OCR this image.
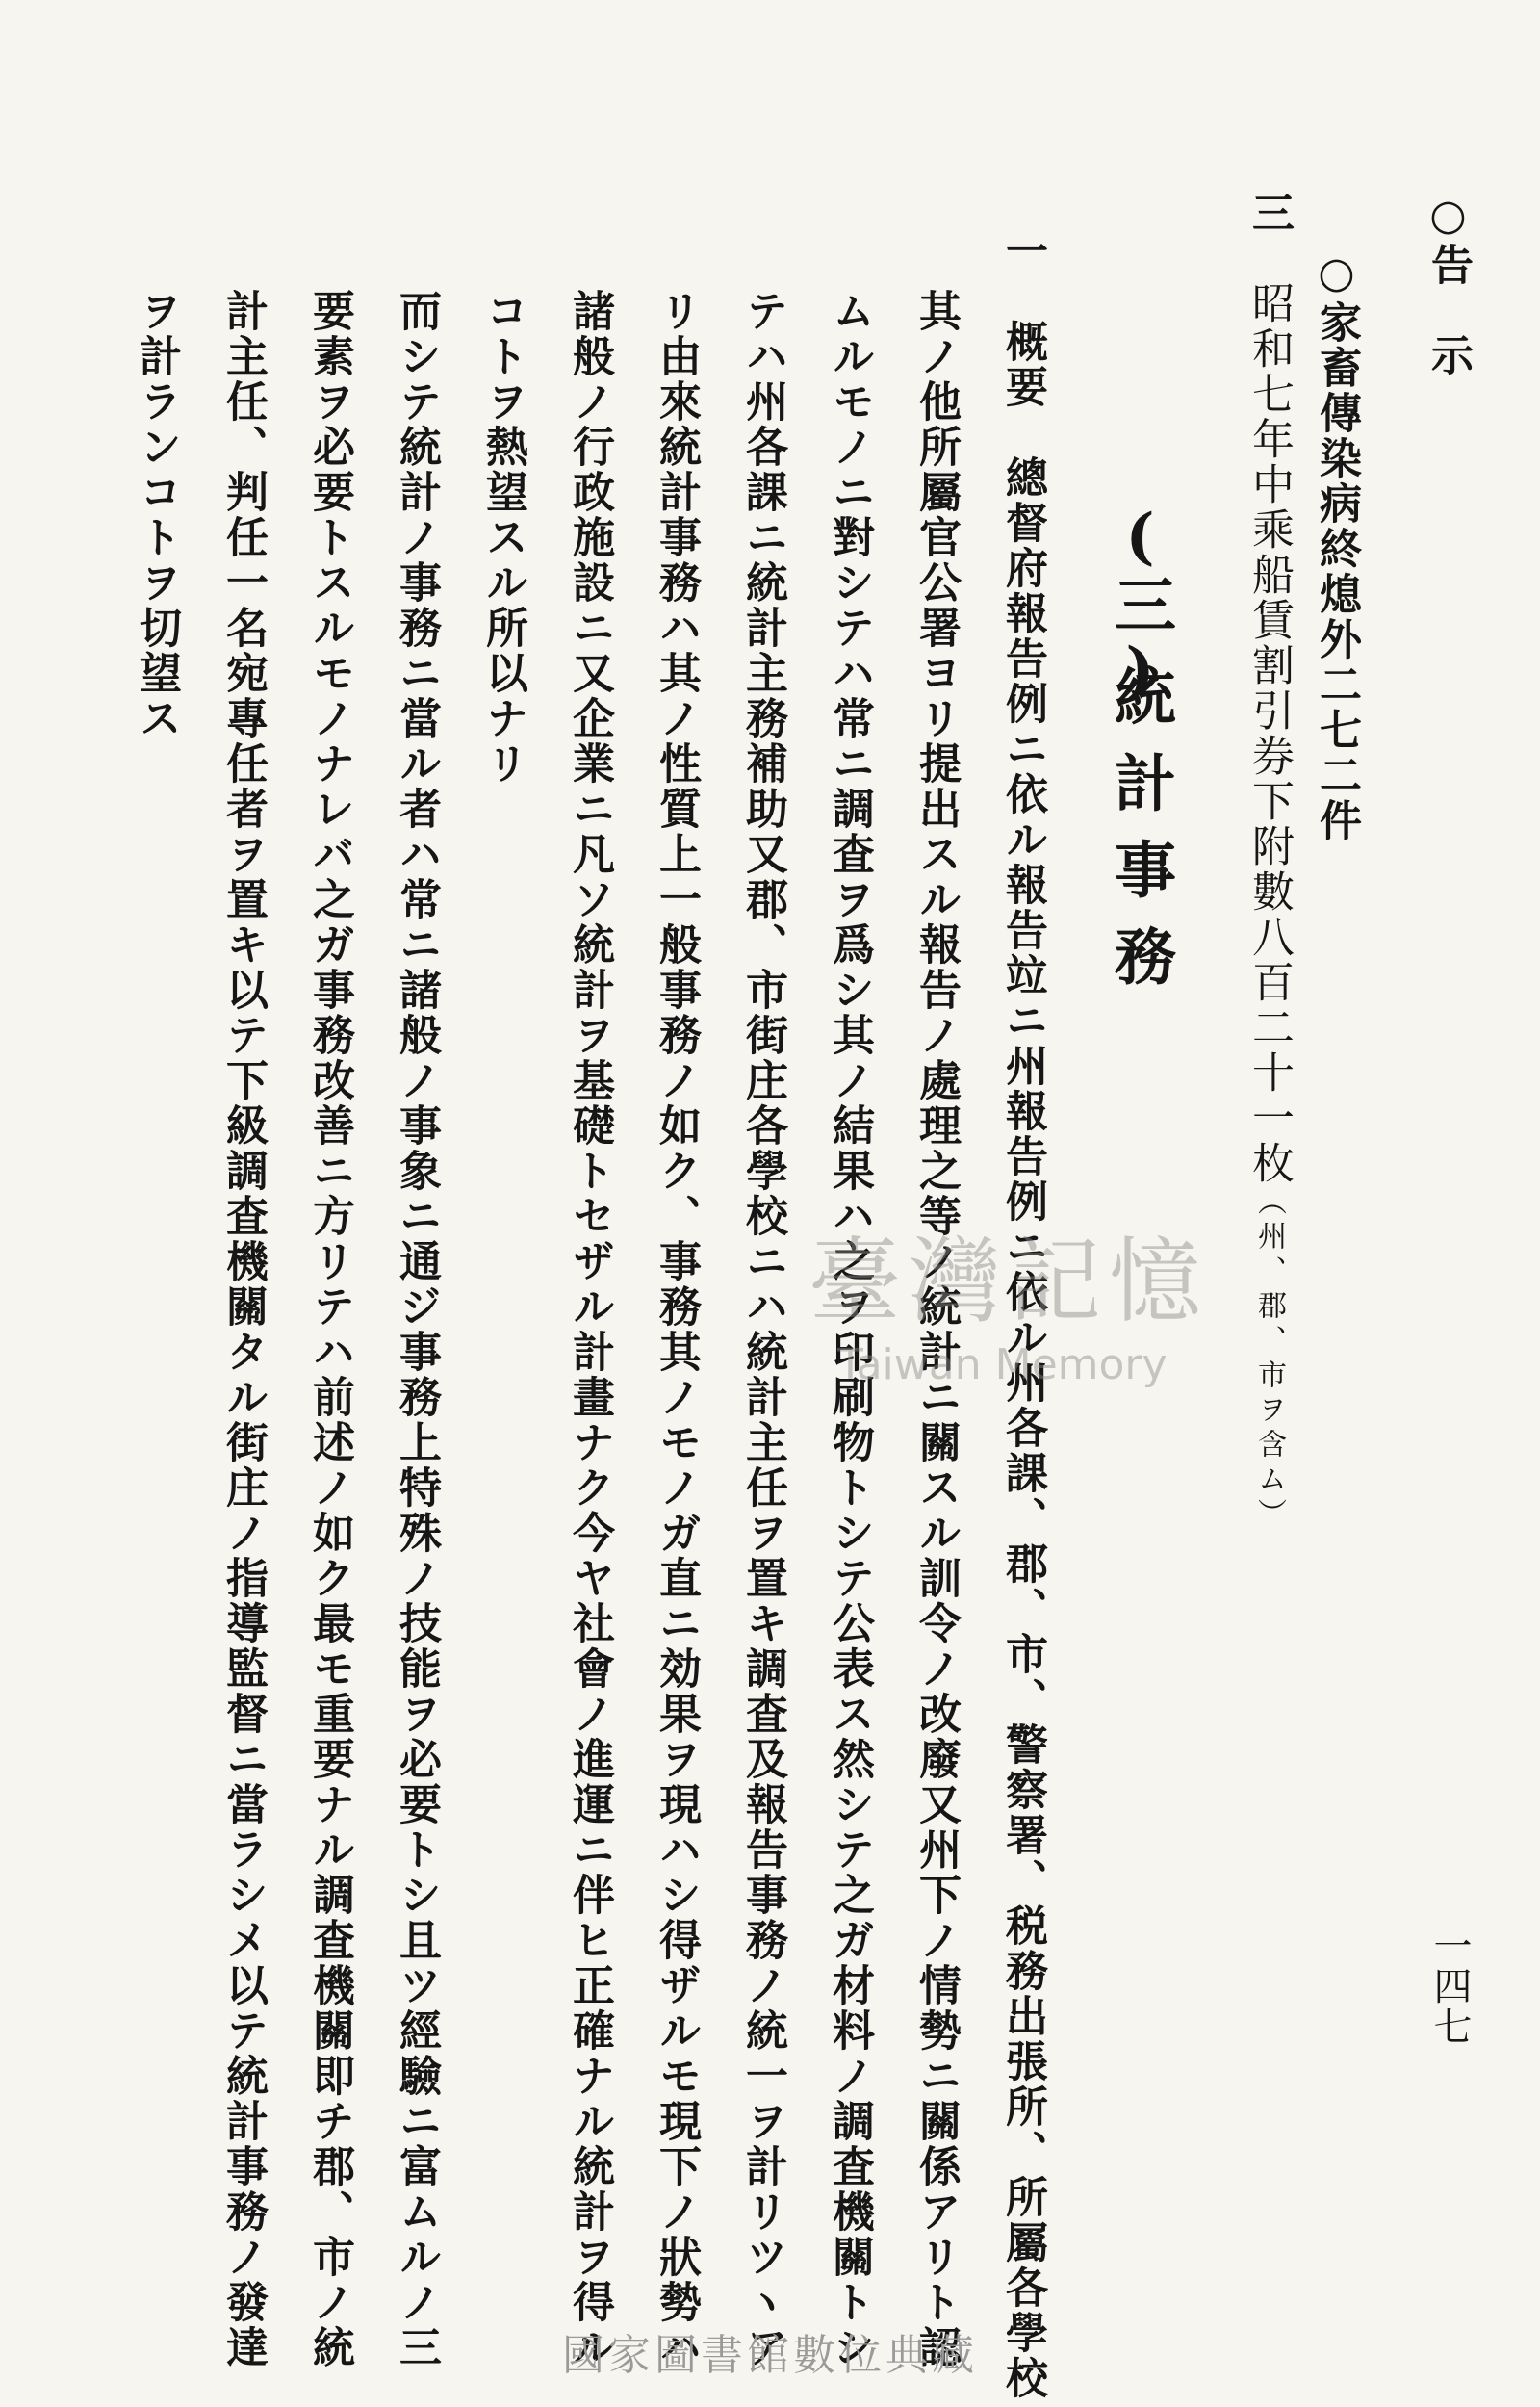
○告　示
三　昭和七年中乘船賃割引券下附數八百二十一枚（州、郡、市ヲ含ム）
○家畜傳染病終熄外二七二件
(三)
統計事務
一　概要　總督府報告例ニ依ル報告竝ニ州報告例ニ依ル州各課、郡、市、警察署、税務出張所、所屬各學校
其ノ他所屬官公署ヨリ提出スル報告ノ處理之等ノ統計ニ關スル訓令ノ改廢又州下ノ情勢ニ關係アリト認
ムルモノニ對シテハ常ニ調査ヲ爲シ其ノ結果ハ之ヲ印刷物トシテ公表ス然シテ之ガ材料ノ調査機關トシ
テハ州各課ニ統計主務補助又郡、市街庄各學校ニハ統計主任ヲ置キ調査及報告事務ノ統一ヲ計リツヽア
リ由來統計事務ハ其ノ性質上一般事務ノ如ク、事務其ノモノガ直ニ効果ヲ現ハシ得ザルモ現下ノ狀勢ハ
諸般ノ行政施設ニ又企業ニ凡ソ統計ヲ基礎トセザル計畫ナク今ヤ社會ノ進運ニ伴ヒ正確ナル統計ヲ得ル
コトヲ熱望スル所以ナリ
而シテ統計ノ事務ニ當ル者ハ常ニ諸般ノ事象ニ通ジ事務上特殊ノ技能ヲ必要トシ且ツ經驗ニ富ムルノ三
要素ヲ必要トスルモノナレバ之ガ事務改善ニ方リテハ前述ノ如ク最モ重要ナル調査機關即チ郡、市ノ統
計主任、判任一名宛專任者ヲ置キ以テ下級調査機關タル街庄ノ指導監督ニ當ラシメ以テ統計事務ノ發達
ヲ計ランコトヲ切望ス
一四七
臺灣記憶
Taiwan Memory
國家圖書館數位典藏
